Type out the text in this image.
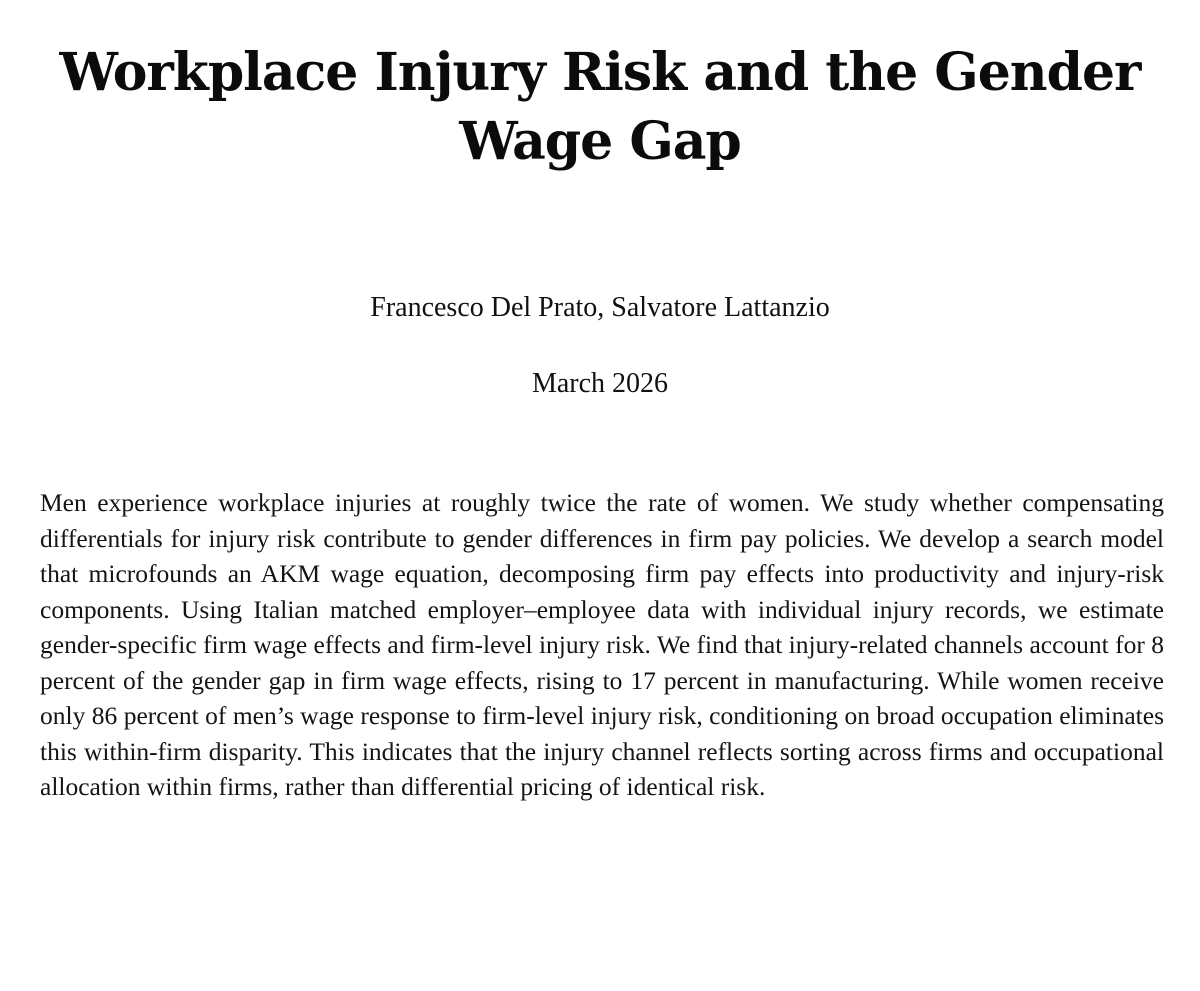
Workplace Injury Risk and the Gender Wage Gap
Francesco Del Prato, Salvatore Lattanzio
March 2026

Men experience workplace injuries at roughly twice the rate of women. We study whether compensating differentials for injury risk contribute to gender differences in firm pay policies. We develop a search model that microfounds an AKM wage equation, decomposing firm pay effects into productivity and injury-risk components. Using Italian matched employer–employee data with individual injury records, we estimate gender-specific firm wage effects and firm-level injury risk. We find that injury-related channels account for 8 percent of the gender gap in firm wage effects, rising to 17 percent in manufacturing. While women receive only 86 percent of men’s wage response to firm-level injury risk, conditioning on broad occupation eliminates this within-firm disparity. This indicates that the injury channel reflects sorting across firms and occupational allocation within firms, rather than differential pricing of identical risk.
